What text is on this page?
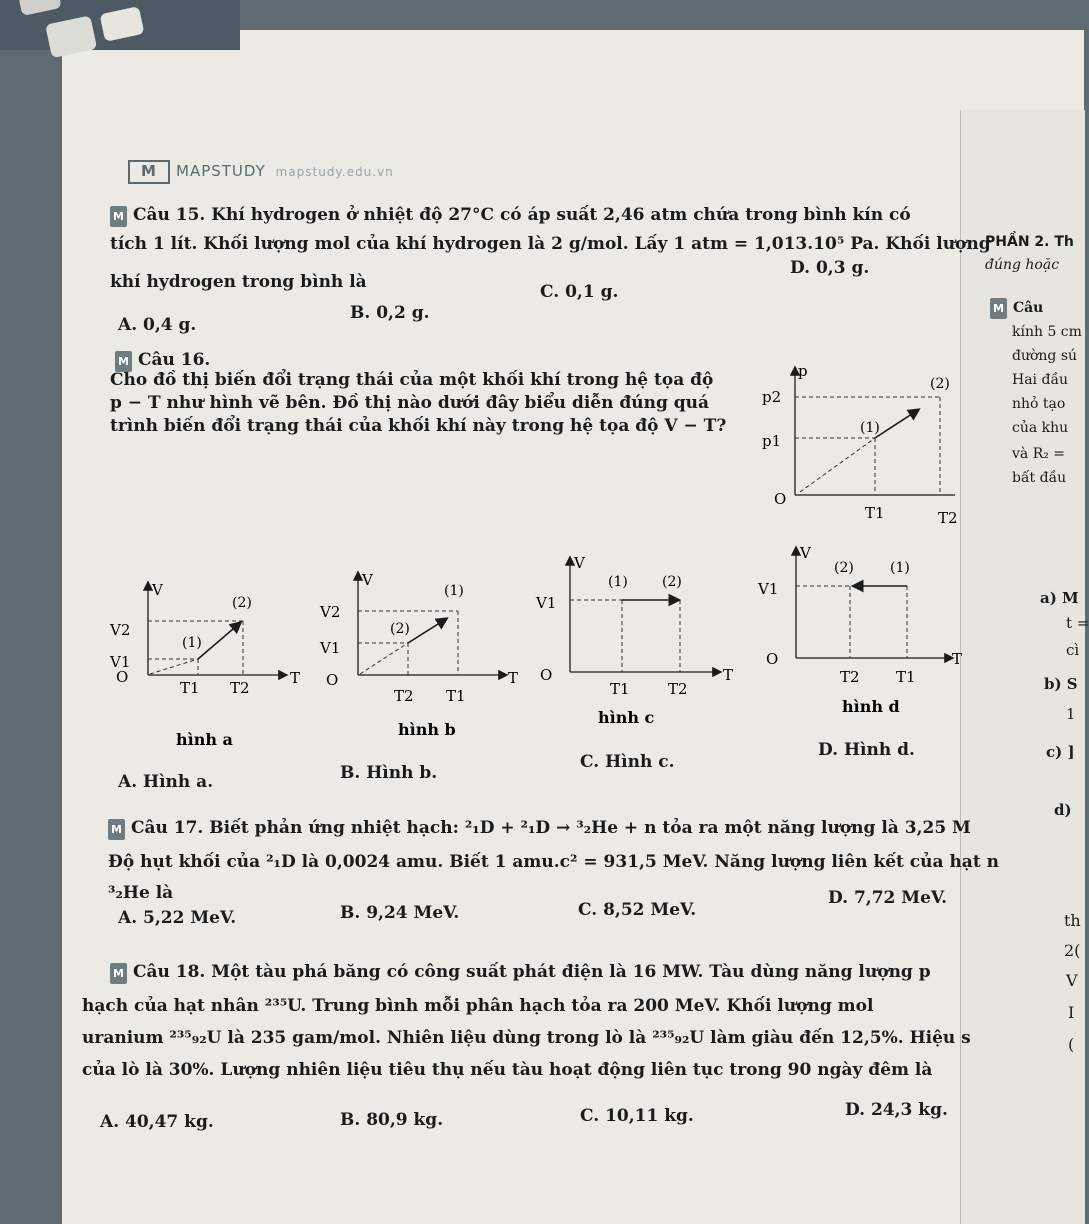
M MAPSTUDY mapstudy.edu.vn
M Câu 15. Khí hydrogen ở nhiệt độ 27°C có áp suất 2,46 atm chứa trong bình kín có
tích 1 lít. Khối lượng mol của khí hydrogen là 2 g/mol. Lấy 1 atm = 1,013.10⁵ Pa. Khối lượng
khí hydrogen trong bình là
A. 0,4 g.
B. 0,2 g.
C. 0,1 g.
D. 0,3 g.
M Câu 16.
Cho đồ thị biến đổi trạng thái của một khối khí trong hệ tọa độ
p − T như hình vẽ bên. Đồ thị nào dưới đây biểu diễn đúng quá
trình biến đổi trạng thái của khối khí này trong hệ tọa độ V − T?
p
p2
p1
O
T1	T2
(1)
(2)
V
T
O
V2
V1
T1 T2
(1)
(2)
hình a
V
T
O
V2
V1
T2 T1
(1)
(2)
hình b
V
T
O
V1
T1	T2
(1) (2)
hình c
V
T
O
V1
T2 T1
(2)	(1)
hình d
A. Hình a.	B. Hình b.
C. Hình c.
D. Hình d.
M Câu 17. Biết phản ứng nhiệt hạch: ²₁D + ²₁D → ³₂He + n tỏa ra một năng lượng là 3,25 M
Độ hụt khối của ²₁D là 0,0024 amu. Biết 1 amu.c² = 931,5 MeV. Năng lượng liên kết của hạt n
³₂He là
A. 5,22 MeV.	B. 9,24 MeV.	C. 8,52 MeV.
D. 7,72 MeV.
M Câu 18. Một tàu phá băng có công suất phát điện là 16 MW. Tàu dùng năng lượng p
hạch của hạt nhân ²³⁵U. Trung bình mỗi phân hạch tỏa ra 200 MeV. Khối lượng mol
uranium ²³⁵₉₂U là 235 gam/mol. Nhiên liệu dùng trong lò là ²³⁵₉₂U làm giàu đến 12,5%. Hiệu s
của lò là 30%. Lượng nhiên liệu tiêu thụ nếu tàu hoạt động liên tục trong 90 ngày đêm là
A. 40,47 kg.	B. 80,9 kg.	C. 10,11 kg.	D. 24,3 kg.
PHẦN 2. Th
đúng hoặc
M Câu
kính 5 cm
đường sú
Hai đầu
nhỏ tạo
của khu
và R₂ =
bất đầu
a) M
t =
cì
b) S
1
c) ]
d)
th
2(
V
I
(
